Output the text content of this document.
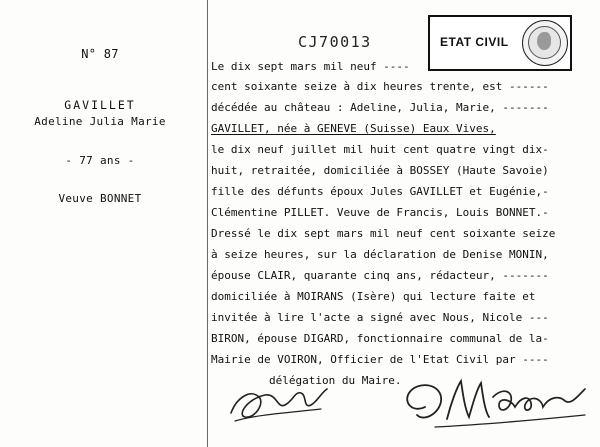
N° 87
GAVILLET
Adeline Julia Marie
- 77 ans -
Veuve BONNET
CJ70013	ETAT CIVIL
Le dix sept mars mil neuf ----
cent soixante seize à dix heures trente, est ------
décédée au château : Adeline, Julia, Marie, -------
GAVILLET, née à GENEVE (Suisse) Eaux Vives,
le dix neuf juillet mil huit cent quatre vingt dix-
huit, retraitée, domiciliée à BOSSEY (Haute Savoie)
fille des défunts époux Jules GAVILLET et Eugénie,-
Clémentine PILLET. Veuve de Francis, Louis BONNET.-
Dressé le dix sept mars mil neuf cent soixante seize
à seize heures, sur la déclaration de Denise MONIN,
épouse CLAIR, quarante cinq ans, rédacteur, -------
domiciliée à MOIRANS (Isère) qui lecture faite et
invitée à lire l'acte a signé avec Nous, Nicole ---
BIRON, épouse DIGARD, fonctionnaire communal de la-
Mairie de VOIRON, Officier de l'Etat Civil par ----
délégation du Maire.
